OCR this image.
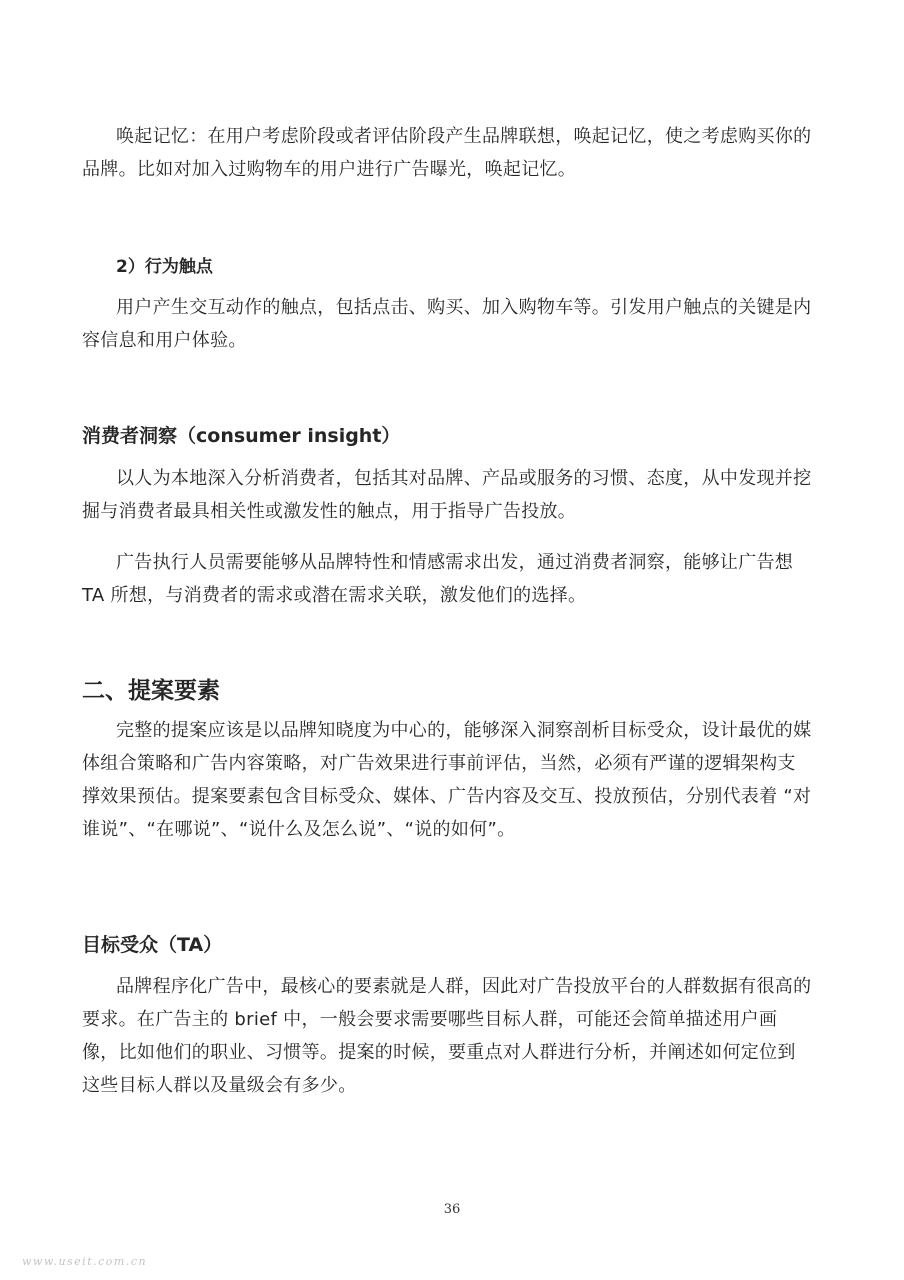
唤起记忆：在用户考虑阶段或者评估阶段产生品牌联想，唤起记忆，使之考虑购买你的品牌。比如对加入过购物车的用户进行广告曝光，唤起记忆。

2）行为触点

用户产生交互动作的触点，包括点击、购买、加入购物车等。引发用户触点的关键是内容信息和用户体验。

消费者洞察（consumer insight）

以人为本地深入分析消费者，包括其对品牌、产品或服务的习惯、态度，从中发现并挖掘与消费者最具相关性或激发性的触点，用于指导广告投放。

广告执行人员需要能够从品牌特性和情感需求出发，通过消费者洞察，能够让广告想 TA 所想，与消费者的需求或潜在需求关联，激发他们的选择。

二、提案要素

完整的提案应该是以品牌知晓度为中心的，能够深入洞察剖析目标受众，设计最优的媒体组合策略和广告内容策略，对广告效果进行事前评估，当然，必须有严谨的逻辑架构支撑效果预估。提案要素包含目标受众、媒体、广告内容及交互、投放预估，分别代表着 “对谁说”、“在哪说”、“说什么及怎么说”、“说的如何”。

目标受众（TA）

品牌程序化广告中，最核心的要素就是人群，因此对广告投放平台的人群数据有很高的要求。在广告主的 brief 中，一般会要求需要哪些目标人群，可能还会简单描述用户画像，比如他们的职业、习惯等。提案的时候，要重点对人群进行分析，并阐述如何定位到这些目标人群以及量级会有多少。

36
www.useit.com.cn
